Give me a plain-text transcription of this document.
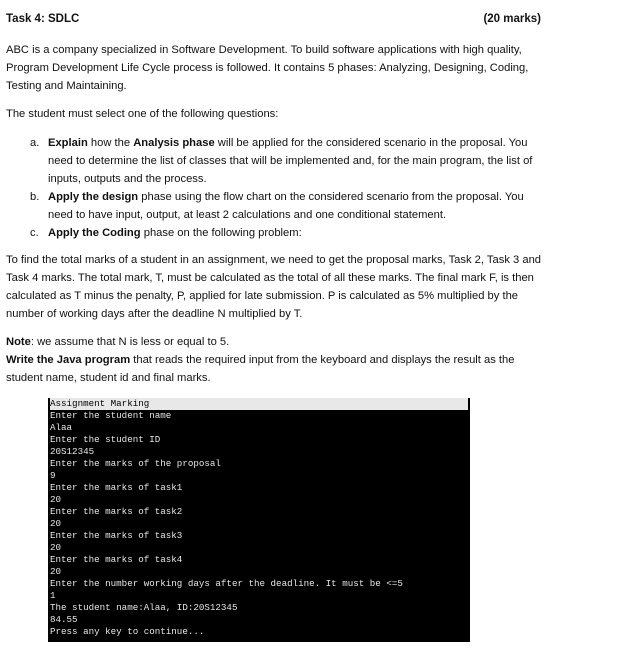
Task 4: SDLC	(20 marks)
ABC is a company specialized in Software Development. To build software applications with high quality, Program Development Life Cycle process is followed. It contains 5 phases: Analyzing, Designing, Coding, Testing and Maintaining.
The student must select one of the following questions:
a. Explain how the Analysis phase will be applied for the considered scenario in the proposal. You need to determine the list of classes that will be implemented and, for the main program, the list of inputs, outputs and the process.
b. Apply the design phase using the flow chart on the considered scenario from the proposal. You need to have input, output, at least 2 calculations and one conditional statement.
c. Apply the Coding phase on the following problem:
To find the total marks of a student in an assignment, we need to get the proposal marks, Task 2, Task 3 and Task 4 marks. The total mark, T, must be calculated as the total of all these marks. The final mark F, is then calculated as T minus the penalty, P, applied for late submission. P is calculated as 5% multiplied by the number of working days after the deadline N multiplied by T.
Note: we assume that N is less or equal to 5.
Write the Java program that reads the required input from the keyboard and displays the result as the student name, student id and final marks.
Assignment Marking
Enter the student name
Alaa
Enter the student ID
20S12345
Enter the marks of the proposal
9
Enter the marks of task1
20
Enter the marks of task2
20
Enter the marks of task3
20
Enter the marks of task4
20
Enter the number working days after the deadline. It must be <=5
1
The student name:Alaa, ID:20S12345
84.55
Press any key to continue...
